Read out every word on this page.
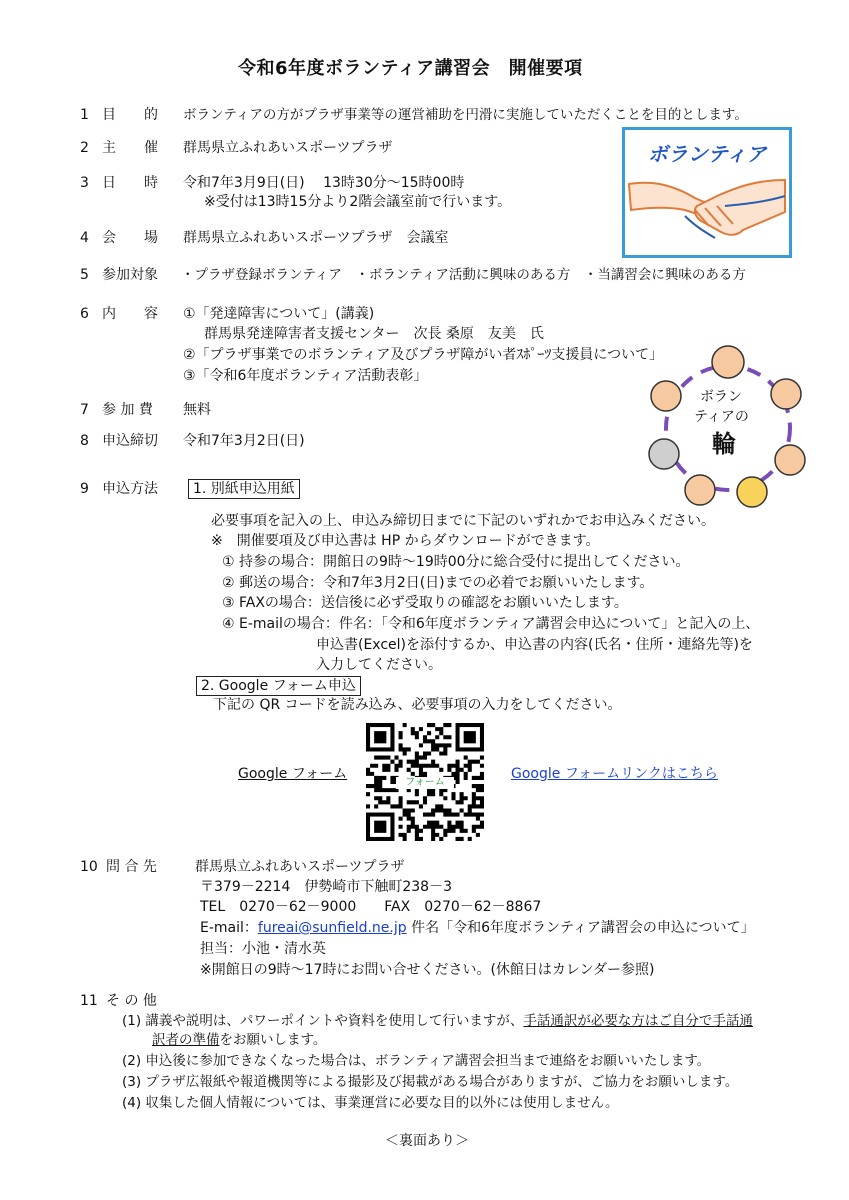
令和6年度ボランティア講習会　開催要項
1 目　　的 ボランティアの方がプラザ事業等の運営補助を円滑に実施していただくことを目的とします。
2 主　　催 群馬県立ふれあいスポーツプラザ
3 日　　時 令和7年3月9日(日)　 13時30分～15時00時
※受付は13時15分より2階会議室前で行います。
ボランティア
4 会　　場 群馬県立ふれあいスポーツプラザ　会議室
5 参加対象 ・プラザ登録ボランティア　・ボランティア活動に興味のある方　・当講習会に興味のある方
6 内　　容 ①「発達障害について」(講義)
群馬県発達障害者支援センター　次長 桑原　友美　氏
②「プラザ事業でのボランティア及びプラザ障がい者ｽﾎﾟｰﾂ支援員について」
③「令和6年度ボランティア活動表彰」
ボラン
ティアの
輪
7 参 加 費 無料
8 申込締切 令和7年3月2日(日)
9 申込方法	1. 別紙申込用紙
必要事項を記入の上、申込み締切日までに下記のいずれかでお申込みください。
※　開催要項及び申込書は HP からダウンロードができます。
① 持参の場合：開館日の9時～19時00分に総合受付に提出してください。
② 郵送の場合：令和7年3月2日(日)までの必着でお願いいたします。
③ FAXの場合：送信後に必ず受取りの確認をお願いいたします。
④ E-mailの場合：件名：「令和6年度ボランティア講習会申込について」と記入の上、
申込書(Excel)を添付するか、申込書の内容(氏名・住所・連絡先等)を
入力してください。
2. Google フォーム申込
下記の QR コードを読み込み、必要事項の入力をしてください。
Google フォーム
フォーム
Google フォームリンクはこちら
10 問 合 先	群馬県立ふれあいスポーツプラザ
〒379－2214　伊勢崎市下触町238－3
TEL　0270－62－9000　　FAX　0270－62－8867
E-mail：fureai@sunfield.ne.jp 件名「令和6年度ボランティア講習会の申込について」
担当：小池・清水英
※開館日の9時～17時にお問い合せください。(休館日はカレンダー参照)
11 そ の 他
(1) 講義や説明は、パワーポイントや資料を使用して行いますが、手話通訳が必要な方はご自分で手話通
訳者の準備をお願いします。
(2) 申込後に参加できなくなった場合は、ボランティア講習会担当まで連絡をお願いいたします。
(3) プラザ広報紙や報道機関等による撮影及び掲載がある場合がありますが、ご協力をお願いします。
(4) 収集した個人情報については、事業運営に必要な目的以外には使用しません。
＜裏面あり＞
